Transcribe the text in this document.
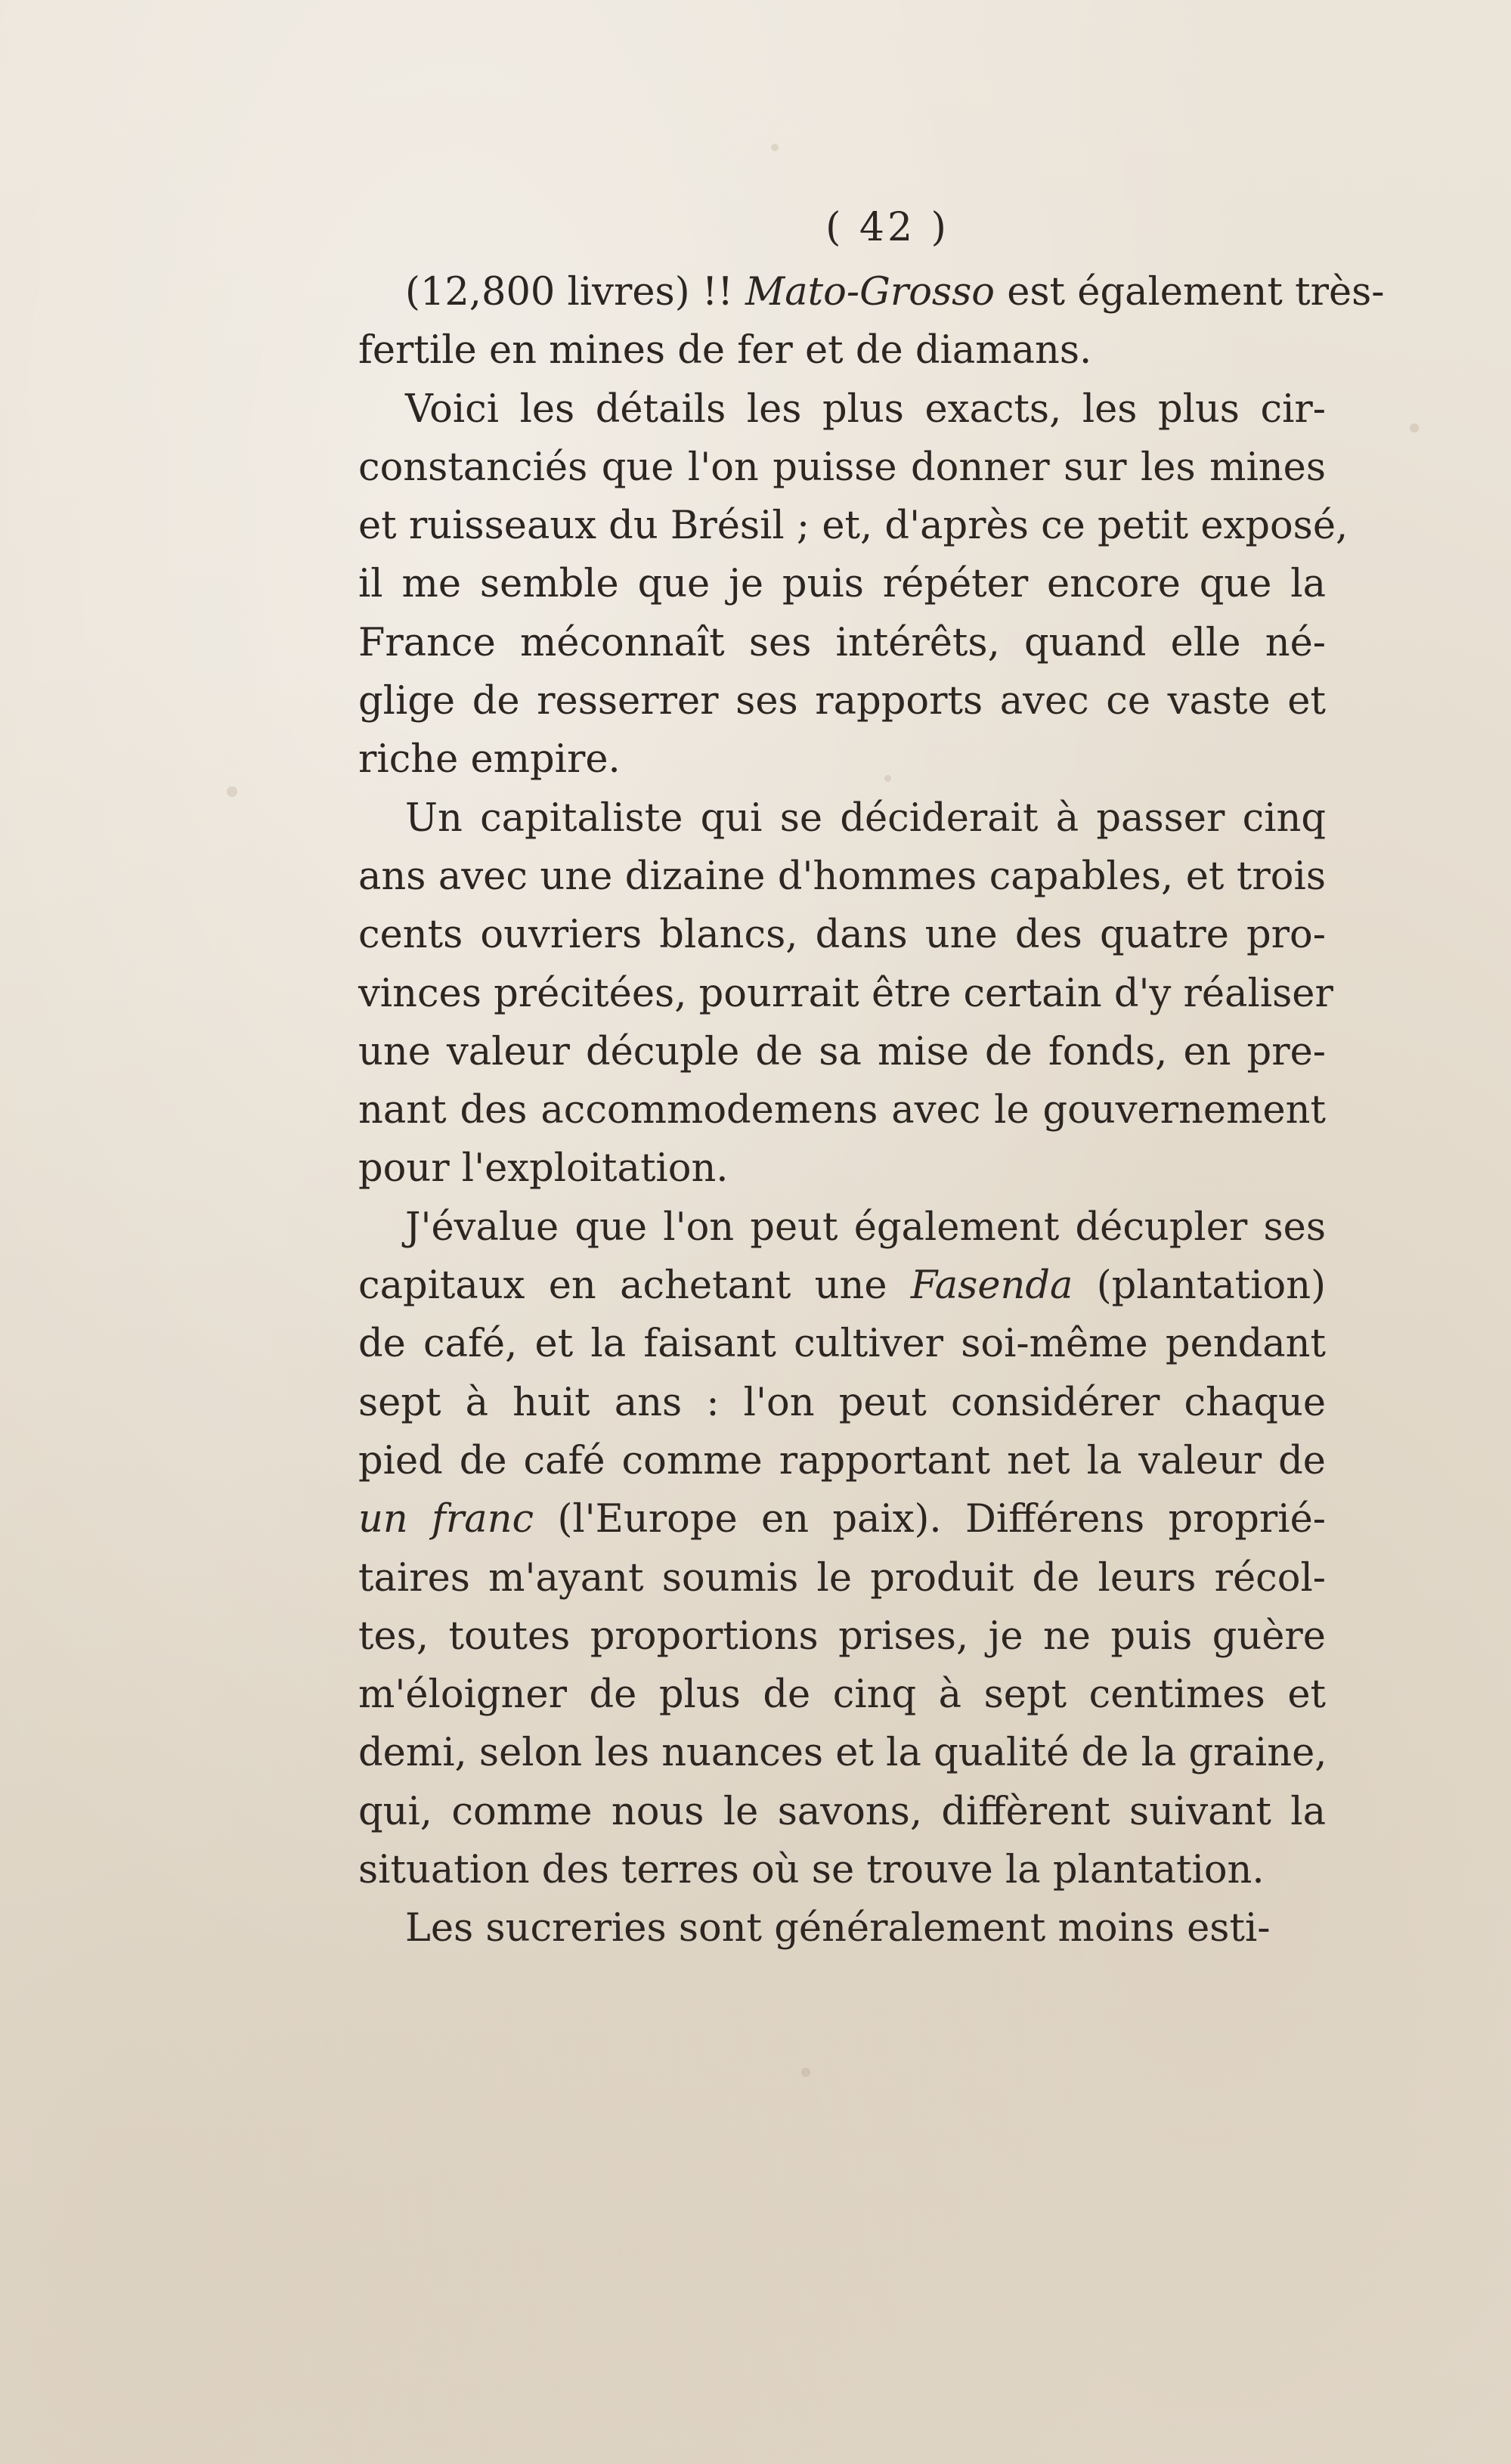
( 42 )
(12,800 livres) !! Mato-Grosso est également très-
fertile en mines de fer et de diamans.
Voici les détails les plus exacts, les plus cir-
constanciés que l'on puisse donner sur les mines
et ruisseaux du Brésil ; et, d'après ce petit exposé,
il me semble que je puis répéter encore que la
France méconnaît ses intérêts, quand elle né-
glige de resserrer ses rapports avec ce vaste et
riche empire.
Un capitaliste qui se déciderait à passer cinq
ans avec une dizaine d'hommes capables, et trois
cents ouvriers blancs, dans une des quatre pro-
vinces précitées, pourrait être certain d'y réaliser
une valeur décuple de sa mise de fonds, en pre-
nant des accommodemens avec le gouvernement
pour l'exploitation.
J'évalue que l'on peut également décupler ses
capitaux en achetant une Fasenda (plantation)
de café, et la faisant cultiver soi-même pendant
sept à huit ans : l'on peut considérer chaque
pied de café comme rapportant net la valeur de
un franc (l'Europe en paix). Différens proprié-
taires m'ayant soumis le produit de leurs récol-
tes, toutes proportions prises, je ne puis guère
m'éloigner de plus de cinq à sept centimes et
demi, selon les nuances et la qualité de la graine,
qui, comme nous le savons, diffèrent suivant la
situation des terres où se trouve la plantation.
Les sucreries sont généralement moins esti-
